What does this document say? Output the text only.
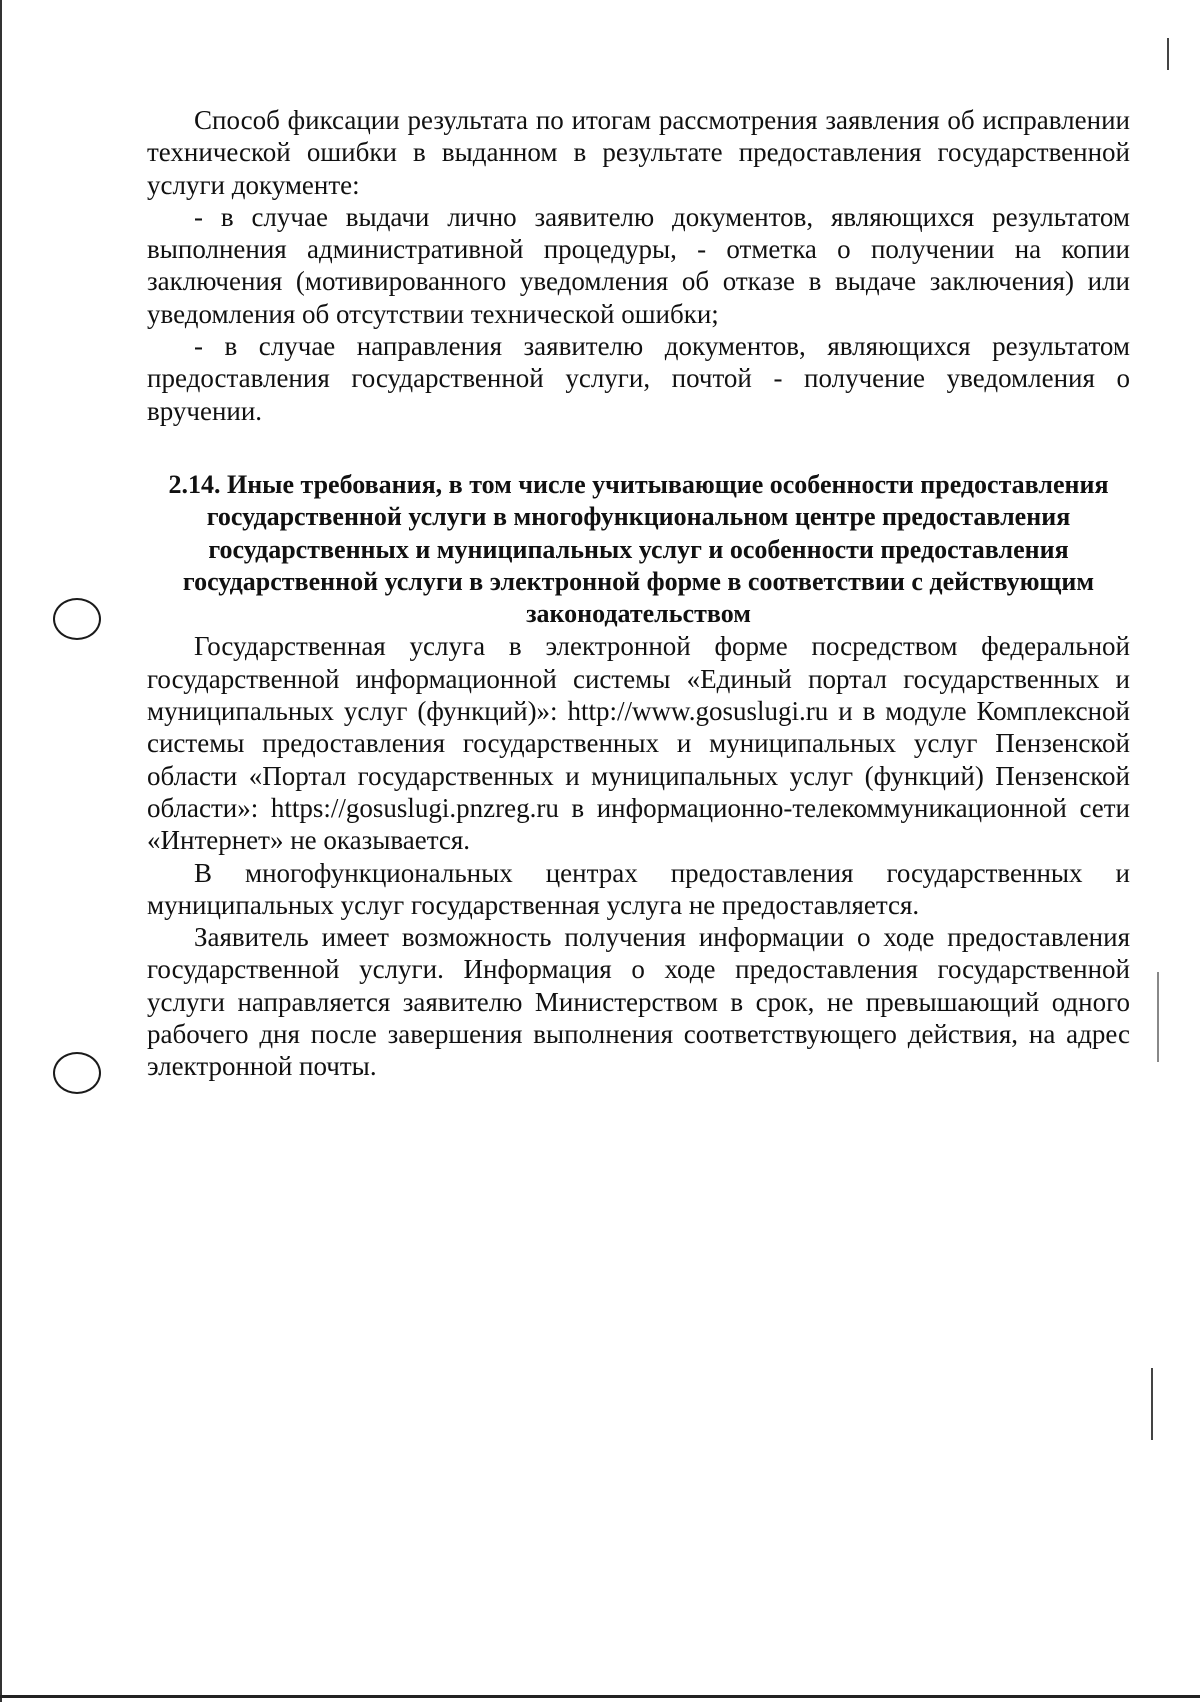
Способ фиксации результата по итогам рассмотрения заявления об исправлении технической ошибки в выданном в результате предоставления государственной услуги документе:

- в случае выдачи лично заявителю документов, являющихся результатом выполнения административной процедуры, - отметка о получении на копии заключения (мотивированного уведомления об отказе в выдаче заключения) или уведомления об отсутствии технической ошибки;

- в случае направления заявителю документов, являющихся результатом предоставления государственной услуги, почтой - получение уведомления о вручении.

2.14. Иные требования, в том числе учитывающие особенности предоставления государственной услуги в многофункциональном центре предоставления государственных и муниципальных услуг и особенности предоставления государственной услуги в электронной форме в соответствии с действующим законодательством

Государственная услуга в электронной форме посредством федеральной государственной информационной системы «Единый портал государственных и муниципальных услуг (функций)»: http://www.gosuslugi.ru и в модуле Комплексной системы предоставления государственных и муниципальных услуг Пензенской области «Портал государственных и муниципальных услуг (функций) Пензенской области»: https://gosuslugi.pnzreg.ru в информационно-телекоммуникационной сети «Интернет» не оказывается.

В многофункциональных центрах предоставления государственных и муниципальных услуг государственная услуга не предоставляется.

Заявитель имеет возможность получения информации о ходе предоставления государственной услуги. Информация о ходе предоставления государственной услуги направляется заявителю Министерством в срок, не превышающий одного рабочего дня после завершения выполнения соответствующего действия, на адрес электронной почты.
